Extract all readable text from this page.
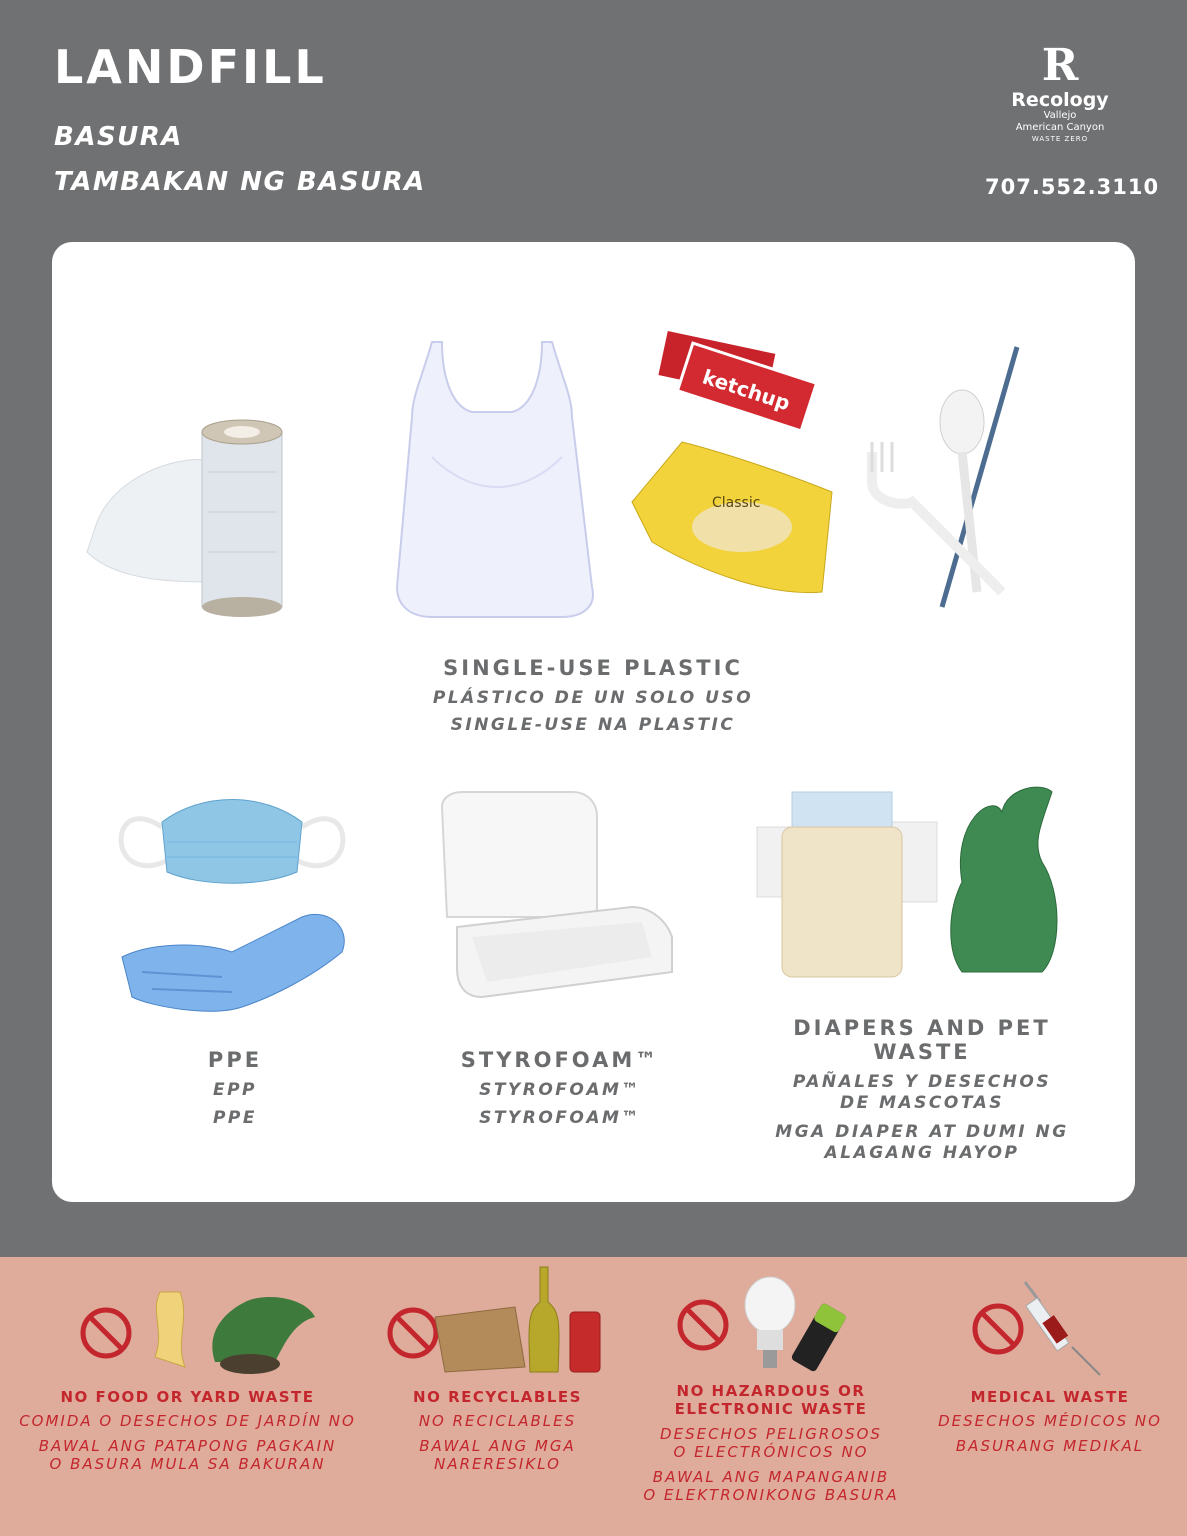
LANDFILL
BASURA
TAMBAKAN NG BASURA
R
Recology
Vallejo
American Canyon
WASTE ZERO
707.552.3110
ketchup
Classic
SINGLE-USE PLASTIC
PLÁSTICO DE UN SOLO USO
SINGLE-USE NA PLASTIC
PPE
EPP
PPE
STYROFOAM™
STYROFOAM™
STYROFOAM™
DIAPERS AND PET WASTE
PAÑALES Y DESECHOS
DE MASCOTAS
MGA DIAPER AT DUMI NG
ALAGANG HAYOP
NO FOOD OR YARD WASTE
COMIDA O DESECHOS DE JARDÍN NO
BAWAL ANG PATAPONG PAGKAIN
O BASURA MULA SA BAKURAN
NO RECYCLABLES
NO RECICLABLES
BAWAL ANG MGA
NARERESIKLO
NO HAZARDOUS OR
ELECTRONIC WASTE
DESECHOS PELIGROSOS
O ELECTRÓNICOS NO
BAWAL ANG MAPANGANIB
O ELEKTRONIKONG BASURA
MEDICAL WASTE
DESECHOS MÉDICOS NO
BASURANG MEDIKAL
